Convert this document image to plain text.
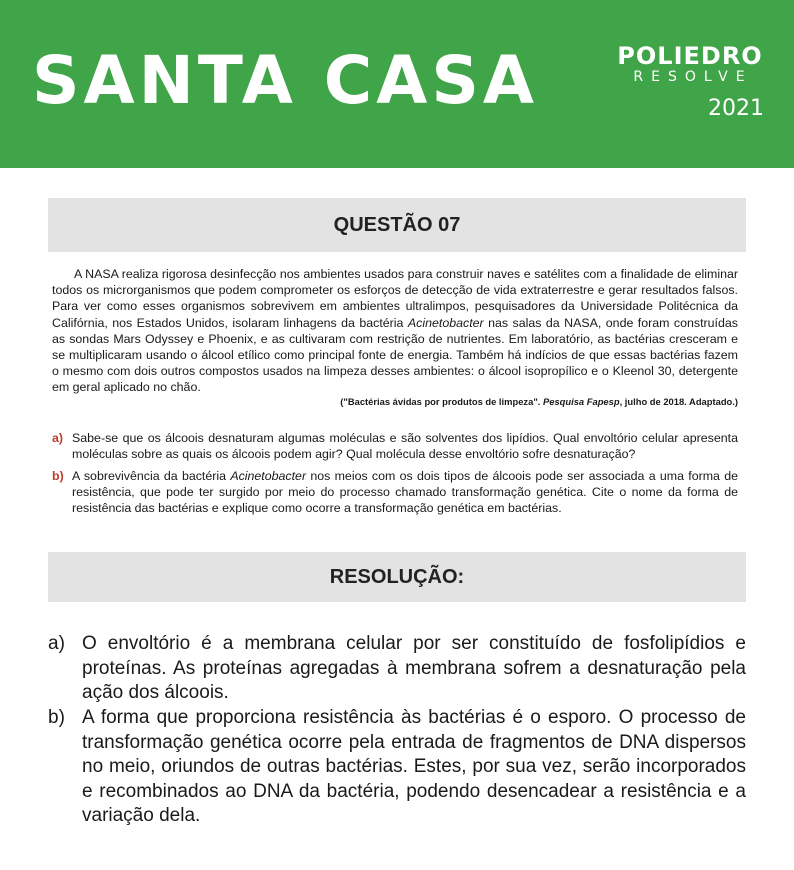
SANTA CASA	POLIEDRO
RESOLVE
2021
QUESTÃO 07

A NASA realiza rigorosa desinfecção nos ambientes usados para construir naves e satélites com a finalidade de eliminar todos os microrganismos que podem comprometer os esforços de detecção de vida extraterrestre e gerar resultados falsos. Para ver como esses organismos sobrevivem em ambientes ultralimpos, pesquisadores da Universidade Politécnica da Califórnia, nos Estados Unidos, isolaram linhagens da bactéria Acinetobacter nas salas da NASA, onde foram construídas as sondas Mars Odyssey e Phoenix, e as cultivaram com restrição de nutrientes. Em laboratório, as bactérias cresceram e se multiplicaram usando o álcool etílico como principal fonte de energia. Também há indícios de que essas bactérias fazem o mesmo com dois outros compostos usados na limpeza desses ambientes: o álcool isopropílico e o Kleenol 30, detergente em geral aplicado no chão.

("Bactérias ávidas por produtos de limpeza". Pesquisa Fapesp, julho de 2018. Adaptado.)

a) Sabe-se que os álcoois desnaturam algumas moléculas e são solventes dos lipídios. Qual envoltório celular apresenta moléculas sobre as quais os álcoois podem agir? Qual molécula desse envoltório sofre desnaturação?

b) A sobrevivência da bactéria Acinetobacter nos meios com os dois tipos de álcoois pode ser associada a uma forma de resistência, que pode ter surgido por meio do processo chamado transformação genética. Cite o nome da forma de resistência das bactérias e explique como ocorre a transformação genética em bactérias.

RESOLUÇÃO:

a) O envoltório é a membrana celular por ser constituído de fosfolipídios e proteínas. As proteínas agregadas à membrana sofrem a desnaturação pela ação dos álcoois.

b) A forma que proporciona resistência às bactérias é o esporo. O processo de transformação genética ocorre pela entrada de fragmentos de DNA dispersos no meio, oriundos de outras bactérias. Estes, por sua vez, serão incorporados e recombinados ao DNA da bactéria, podendo desencadear a resistência e a variação dela.
